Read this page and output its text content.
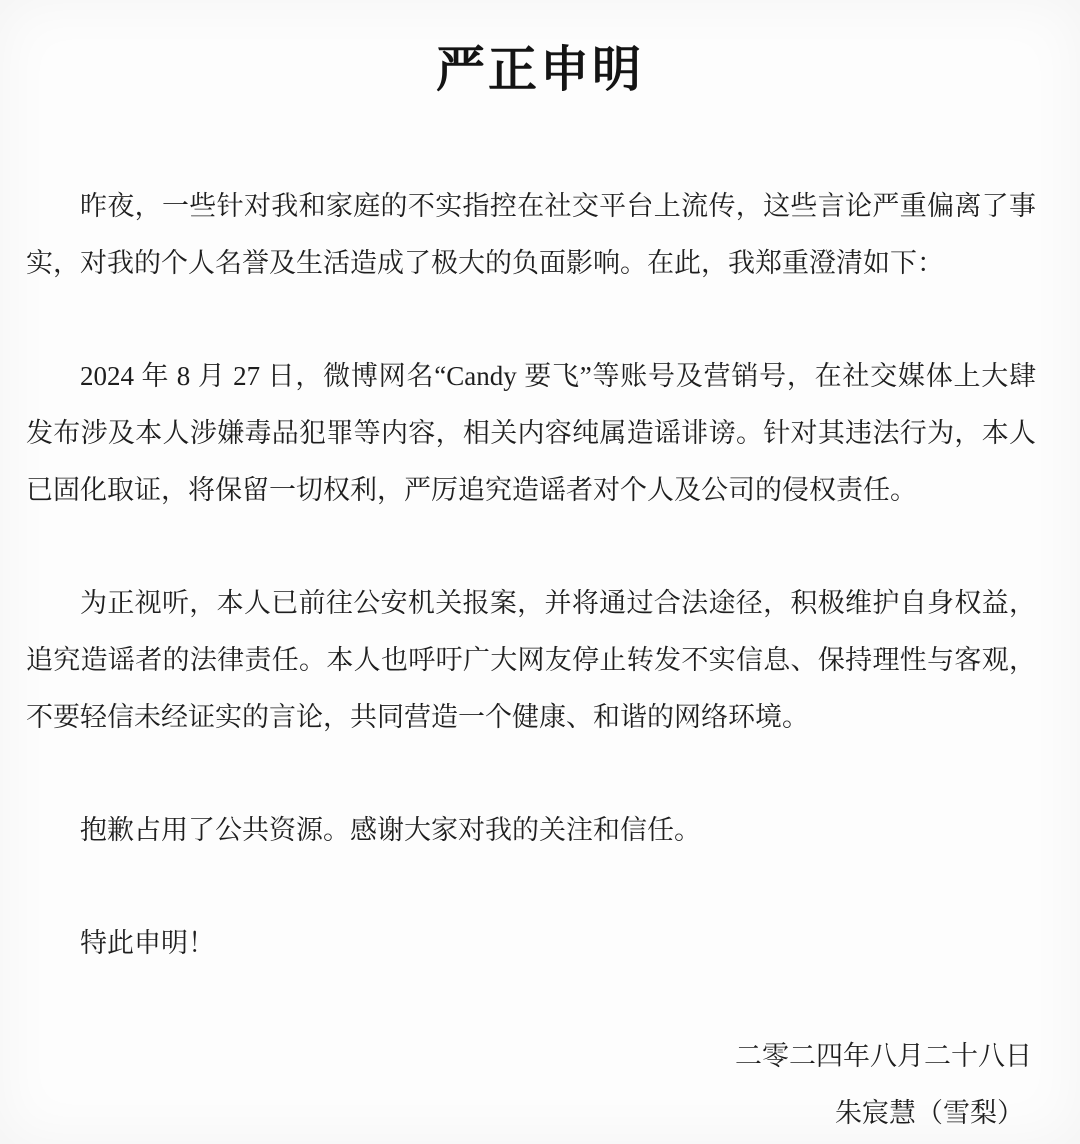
严正申明

昨夜，一些针对我和家庭的不实指控在社交平台上流传，这些言论严重偏离了事实，对我的个人名誉及生活造成了极大的负面影响。在此，我郑重澄清如下：

2024 年 8 月 27 日，微博网名“Candy 要飞”等账号及营销号，在社交媒体上大肆发布涉及本人涉嫌毒品犯罪等内容，相关内容纯属造谣诽谤。针对其违法行为，本人已固化取证，将保留一切权利，严厉追究造谣者对个人及公司的侵权责任。

为正视听，本人已前往公安机关报案，并将通过合法途径，积极维护自身权益，追究造谣者的法律责任。本人也呼吁广大网友停止转发不实信息、保持理性与客观，不要轻信未经证实的言论，共同营造一个健康、和谐的网络环境。

抱歉占用了公共资源。感谢大家对我的关注和信任。

特此申明！

二零二四年八月二十八日
朱宸慧（雪梨）
